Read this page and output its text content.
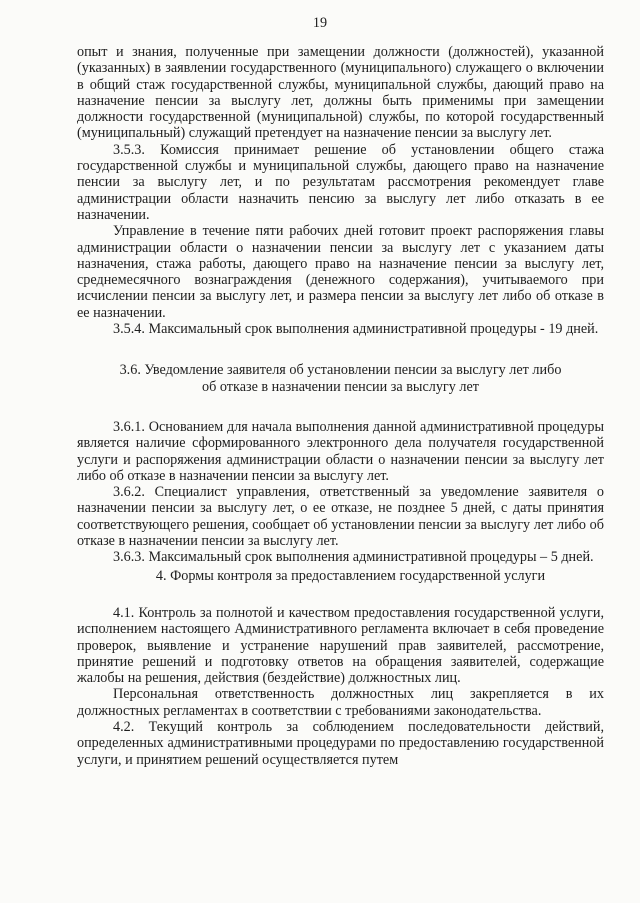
19

опыт и знания, полученные при замещении должности (должностей), указанной (указанных) в заявлении государственного (муниципального) служащего о включении в общий стаж государственной службы, муниципальной службы, дающий право на назначение пенсии за выслугу лет, должны быть применимы при замещении должности государственной (муниципальной) службы, по которой государственный (муниципальный) служащий претендует на назначение пенсии за выслугу лет.

3.5.3. Комиссия принимает решение об установлении общего стажа государственной службы и муниципальной службы, дающего право на назначение пенсии за выслугу лет, и по результатам рассмотрения рекомендует главе администрации области назначить пенсию за выслугу лет либо отказать в ее назначении.

Управление в течение пяти рабочих дней готовит проект распоряжения главы администрации области о назначении пенсии за выслугу лет с указанием даты назначения, стажа работы, дающего право на назначение пенсии за выслугу лет, среднемесячного вознаграждения (денежного содержания), учитываемого при исчислении пенсии за выслугу лет, и размера пенсии за выслугу лет либо об отказе в ее назначении.

3.5.4. Максимальный срок выполнения административной процедуры - 19 дней.

3.6. Уведомление заявителя об установлении пенсии за выслугу лет либо
об отказе в назначении пенсии за выслугу лет

3.6.1. Основанием для начала выполнения данной административной процедуры является наличие сформированного электронного дела получателя государственной услуги и распоряжения администрации области о назначении пенсии за выслугу лет либо об отказе в назначении пенсии за выслугу лет.

3.6.2. Специалист управления, ответственный за уведомление заявителя о назначении пенсии за выслугу лет, о ее отказе, не позднее 5 дней, с даты принятия соответствующего решения, сообщает об установлении пенсии за выслугу лет либо об отказе в назначении пенсии за выслугу лет.

3.6.3. Максимальный срок выполнения административной процедуры – 5 дней.

4. Формы контроля за предоставлением государственной услуги

4.1. Контроль за полнотой и качеством предоставления государственной услуги, исполнением настоящего Административного регламента включает в себя проведение проверок, выявление и устранение нарушений прав заявителей, рассмотрение, принятие решений и подготовку ответов на обращения заявителей, содержащие жалобы на решения, действия (бездействие) должностных лиц.

Персональная ответственность должностных лиц закрепляется в их должностных регламентах в соответствии с требованиями законодательства.

4.2. Текущий контроль за соблюдением последовательности действий, определенных административными процедурами по предоставлению государственной услуги, и принятием решений осуществляется путем
